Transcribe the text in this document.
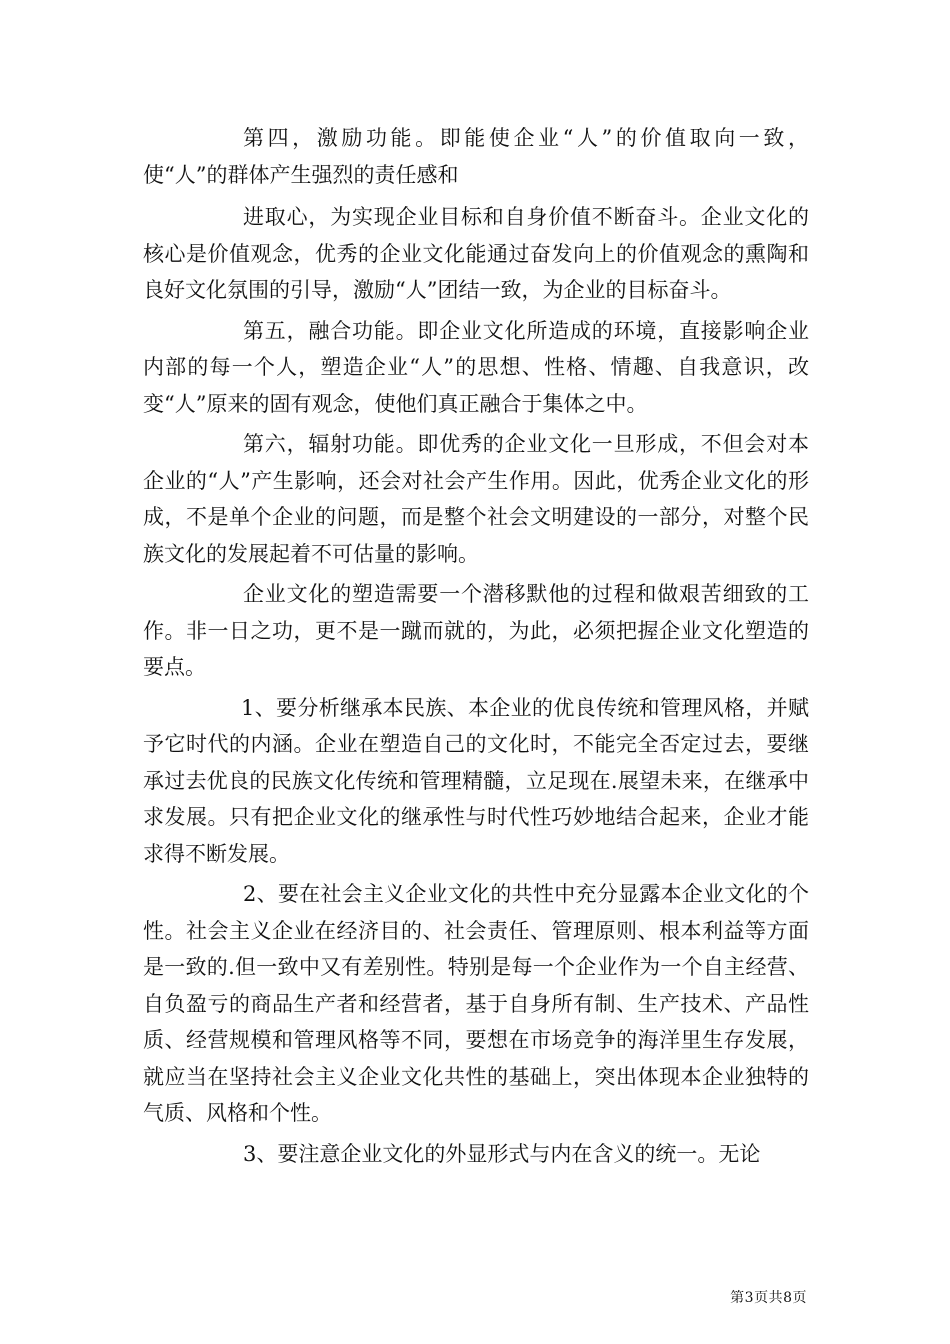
第四，激励功能。即能使企业“人”的价值取向一致，使“人”的群体产生强烈的责任感和

进取心，为实现企业目标和自身价值不断奋斗。企业文化的核心是价值观念，优秀的企业文化能通过奋发向上的价值观念的熏陶和良好文化氛围的引导，激励“人”团结一致，为企业的目标奋斗。

第五，融合功能。即企业文化所造成的环境，直接影响企业内部的每一个人，塑造企业“人”的思想、性格、情趣、自我意识，改变“人”原来的固有观念，使他们真正融合于集体之中。

第六，辐射功能。即优秀的企业文化一旦形成，不但会对本企业的“人”产生影响，还会对社会产生作用。因此，优秀企业文化的形成，不是单个企业的问题，而是整个社会文明建设的一部分，对整个民族文化的发展起着不可估量的影响。

企业文化的塑造需要一个潜移默他的过程和做艰苦细致的工作。非一日之功，更不是一蹴而就的，为此，必须把握企业文化塑造的要点。

1、要分析继承本民族、本企业的优良传统和管理风格，并赋予它时代的内涵。企业在塑造自己的文化时，不能完全否定过去，要继承过去优良的民族文化传统和管理精髓，立足现在.展望未来，在继承中求发展。只有把企业文化的继承性与时代性巧妙地结合起来，企业才能求得不断发展。

2、要在社会主义企业文化的共性中充分显露本企业文化的个性。社会主义企业在经济目的、社会责任、管理原则、根本利益等方面是一致的.但一致中又有差别性。特别是每一个企业作为一个自主经营、自负盈亏的商品生产者和经营者，基于自身所有制、生产技术、产品性质、经营规模和管理风格等不同，要想在市场竞争的海洋里生存发展，就应当在坚持社会主义企业文化共性的基础上，突出体现本企业独特的气质、风格和个性。

3、要注意企业文化的外显形式与内在含义的统一。无论

第3页共8页
